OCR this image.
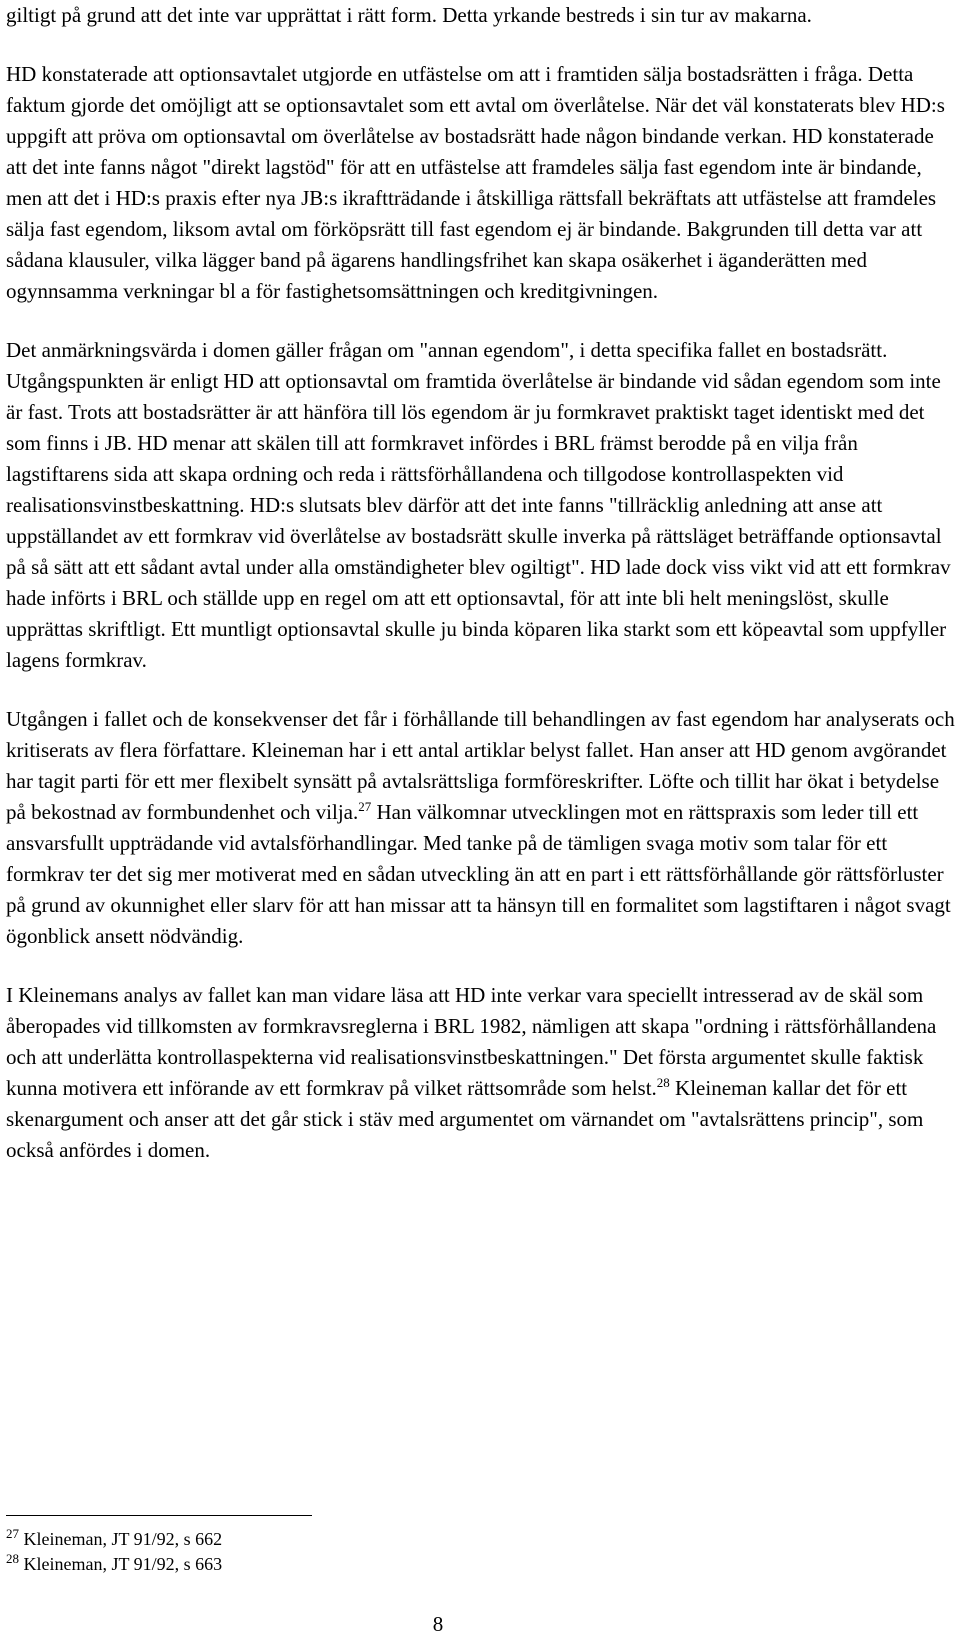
giltigt på grund att det inte var upprättat i rätt form. Detta yrkande bestreds i sin tur av makarna.

HD konstaterade att optionsavtalet utgjorde en utfästelse om att i framtiden sälja bostadsrätten i fråga. Detta faktum gjorde det omöjligt att se optionsavtalet som ett avtal om överlåtelse. När det väl konstaterats blev HD:s uppgift att pröva om optionsavtal om överlåtelse av bostadsrätt hade någon bindande verkan. HD konstaterade att det inte fanns något "direkt lagstöd" för att en utfästelse att framdeles sälja fast egendom inte är bindande, men att det i HD:s praxis efter nya JB:s ikraftträdande i åtskilliga rättsfall bekräftats att utfästelse att framdeles sälja fast egendom, liksom avtal om förköpsrätt till fast egendom ej är bindande. Bakgrunden till detta var att sådana klausuler, vilka lägger band på ägarens handlingsfrihet kan skapa osäkerhet i äganderätten med ogynnsamma verkningar bl a för fastighetsomsättningen och kreditgivningen.

Det anmärkningsvärda i domen gäller frågan om "annan egendom", i detta specifika fallet en bostadsrätt. Utgångspunkten är enligt HD att optionsavtal om framtida överlåtelse är bindande vid sådan egendom som inte är fast. Trots att bostadsrätter är att hänföra till lös egendom är ju formkravet praktiskt taget identiskt med det som finns i JB. HD menar att skälen till att formkravet infördes i BRL främst berodde på en vilja från lagstiftarens sida att skapa ordning och reda i rättsförhållandena och tillgodose kontrollaspekten vid realisationsvinstbeskattning. HD:s slutsats blev därför att det inte fanns "tillräcklig anledning att anse att uppställandet av ett formkrav vid överlåtelse av bostadsrätt skulle inverka på rättsläget beträffande optionsavtal på så sätt att ett sådant avtal under alla omständigheter blev ogiltigt". HD lade dock viss vikt vid att ett formkrav hade införts i BRL och ställde upp en regel om att ett optionsavtal, för att inte bli helt meningslöst, skulle upprättas skriftligt. Ett muntligt optionsavtal skulle ju binda köparen lika starkt som ett köpeavtal som uppfyller lagens formkrav.

Utgången i fallet och de konsekvenser det får i förhållande till behandlingen av fast egendom har analyserats och kritiserats av flera författare. Kleineman har i ett antal artiklar belyst fallet. Han anser att HD genom avgörandet har tagit parti för ett mer flexibelt synsätt på avtalsrättsliga formföreskrifter. Löfte och tillit har ökat i betydelse på bekostnad av formbundenhet och vilja.$^{27}$ Han välkomnar utvecklingen mot en rättspraxis som leder till ett ansvarsfullt uppträdande vid avtalsförhandlingar. Med tanke på de tämligen svaga motiv som talar för ett formkrav ter det sig mer motiverat med en sådan utveckling än att en part i ett rättsförhållande gör rättsförluster på grund av okunnighet eller slarv för att han missar att ta hänsyn till en formalitet som lagstiftaren i något svagt ögonblick ansett nödvändig.

I Kleinemans analys av fallet kan man vidare läsa att HD inte verkar vara speciellt intresserad av de skäl som åberopades vid tillkomsten av formkravsreglerna i BRL 1982, nämligen att skapa "ordning i rättsförhållandena och att underlätta kontrollaspekterna vid realisationsvinstbeskattningen." Det första argumentet skulle faktisk kunna motivera ett införande av ett formkrav på vilket rättsområde som helst.$^{28}$ Kleineman kallar det för ett skenargument och anser att det går stick i stäv med argumentet om värnandet om "avtalsrättens princip", som också anfördes i domen.

$^{27}$ Kleineman, JT 91/92, s 662

$^{28}$ Kleineman, JT 91/92, s 663

8
